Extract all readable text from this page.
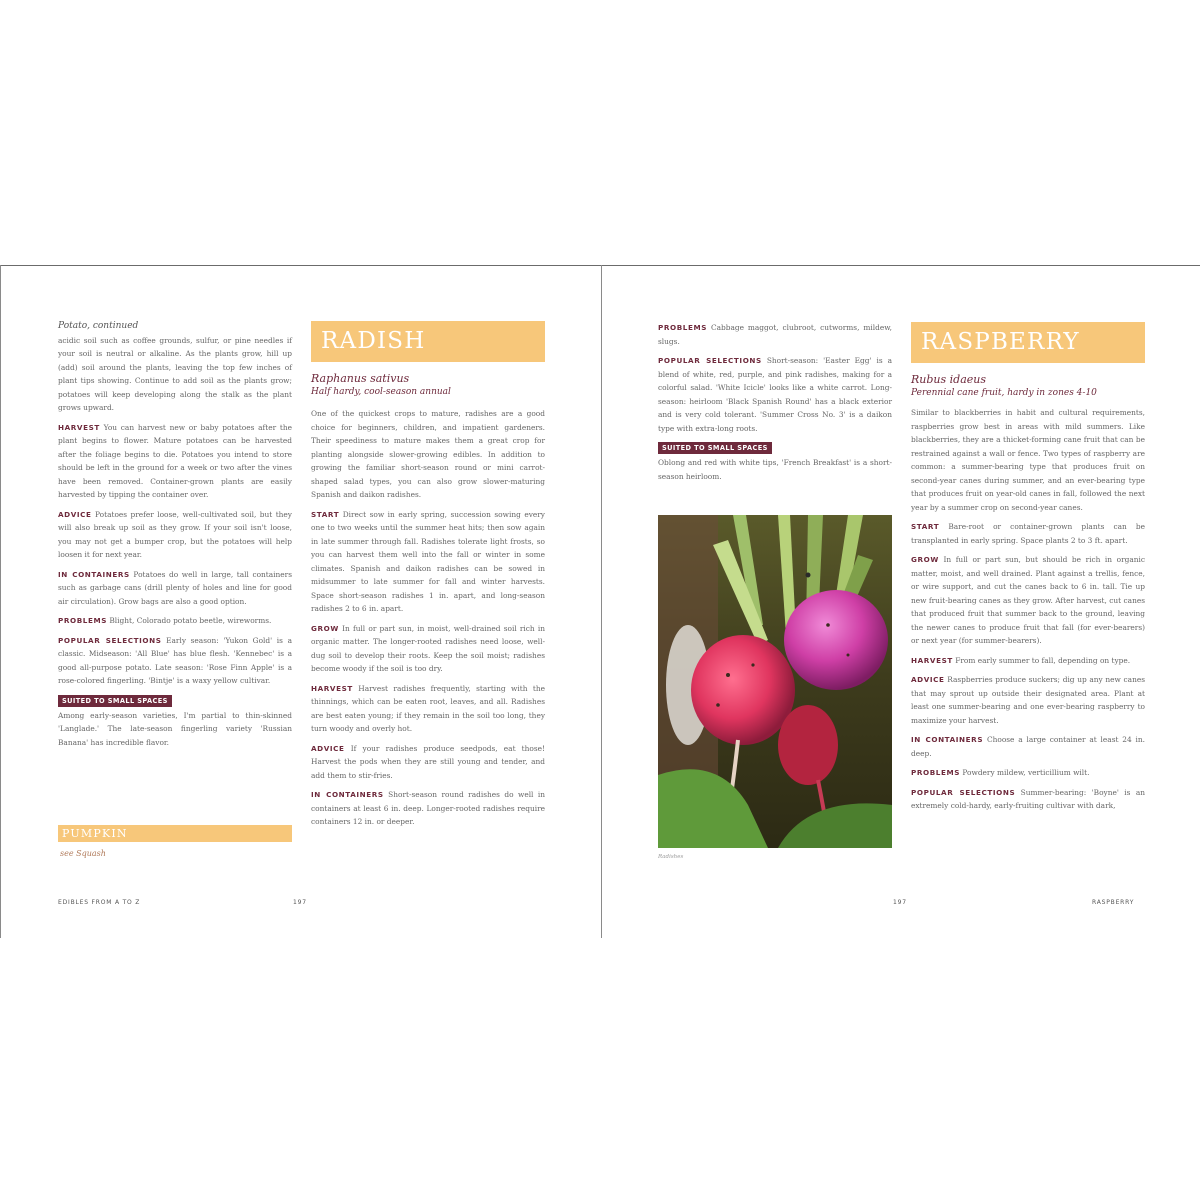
Potato, continued

acidic soil such as coffee grounds, sulfur, or pine needles if your soil is neutral or alkaline. As the plants grow, hill up (add) soil around the plants, leaving the top few inches of plant tips showing. Continue to add soil as the plants grow; potatoes will keep developing along the stalk as the plant grows upward.

HARVEST You can harvest new or baby potatoes after the plant begins to flower. Mature potatoes can be harvested after the foliage begins to die. Potatoes you intend to store should be left in the ground for a week or two after the vines have been removed. Container-grown plants are easily harvested by tipping the container over.

ADVICE Potatoes prefer loose, well-cultivated soil, but they will also break up soil as they grow. If your soil isn't loose, you may not get a bumper crop, but the potatoes will help loosen it for next year.

IN CONTAINERS Potatoes do well in large, tall containers such as garbage cans (drill plenty of holes and line for good air circulation). Grow bags are also a good option.

PROBLEMS Blight, Colorado potato beetle, wireworms.

POPULAR SELECTIONS Early season: 'Yukon Gold' is a classic. Midseason: 'All Blue' has blue flesh. 'Kennebec' is a good all-purpose potato. Late season: 'Rose Finn Apple' is a rose-colored fingerling. 'Bintje' is a waxy yellow cultivar.

SUITED TO SMALL SPACES

Among early-season varieties, I'm partial to thin-skinned 'Langlade.' The late-season fingerling variety 'Russian Banana' has incredible flavor.

PUMPKIN
see Squash
RADISH
Raphanus sativus
Half hardy, cool-season annual

One of the quickest crops to mature, radishes are a good choice for beginners, children, and impatient gardeners. Their speediness to mature makes them a great crop for planting alongside slower-growing edibles. In addition to growing the familiar short-season round or mini carrot-shaped salad types, you can also grow slower-maturing Spanish and daikon radishes.

START Direct sow in early spring, succession sowing every one to two weeks until the summer heat hits; then sow again in late summer through fall. Radishes tolerate light frosts, so you can harvest them well into the fall or winter in some climates. Spanish and daikon radishes can be sowed in midsummer to late summer for fall and winter harvests. Space short-season radishes 1 in. apart, and long-season radishes 2 to 6 in. apart.

GROW In full or part sun, in moist, well-drained soil rich in organic matter. The longer-rooted radishes need loose, well-dug soil to develop their roots. Keep the soil moist; radishes become woody if the soil is too dry.

HARVEST Harvest radishes frequently, starting with the thinnings, which can be eaten root, leaves, and all. Radishes are best eaten young; if they remain in the soil too long, they turn woody and overly hot.

ADVICE If your radishes produce seedpods, eat those! Harvest the pods when they are still young and tender, and add them to stir-fries.

IN CONTAINERS Short-season round radishes do well in containers at least 6 in. deep. Longer-rooted radishes require containers 12 in. or deeper.

EDIBLES FROM A TO Z	197

PROBLEMS Cabbage maggot, clubroot, cutworms, mildew, slugs.

POPULAR SELECTIONS Short-season: 'Easter Egg' is a blend of white, red, purple, and pink radishes, making for a colorful salad. 'White Icicle' looks like a white carrot. Long-season: heirloom 'Black Spanish Round' has a black exterior and is very cold tolerant. 'Summer Cross No. 3' is a daikon type with extra-long roots.

SUITED TO SMALL SPACES

Oblong and red with white tips, 'French Breakfast' is a short-season heirloom.

Radishes
RASPBERRY
Rubus idaeus
Perennial cane fruit, hardy in zones 4-10

Similar to blackberries in habit and cultural requirements, raspberries grow best in areas with mild summers. Like blackberries, they are a thicket-forming cane fruit that can be restrained against a wall or fence. Two types of raspberry are common: a summer-bearing type that produces fruit on second-year canes during summer, and an ever-bearing type that produces fruit on year-old canes in fall, followed the next year by a summer crop on second-year canes.

START Bare-root or container-grown plants can be transplanted in early spring. Space plants 2 to 3 ft. apart.

GROW In full or part sun, but should be rich in organic matter, moist, and well drained. Plant against a trellis, fence, or wire support, and cut the canes back to 6 in. tall. Tie up new fruit-bearing canes as they grow. After harvest, cut canes that produced fruit that summer back to the ground, leaving the newer canes to produce fruit that fall (for ever-bearers) or next year (for summer-bearers).

HARVEST From early summer to fall, depending on type.

ADVICE Raspberries produce suckers; dig up any new canes that may sprout up outside their designated area. Plant at least one summer-bearing and one ever-bearing raspberry to maximize your harvest.

IN CONTAINERS Choose a large container at least 24 in. deep.

PROBLEMS Powdery mildew, verticillium wilt.

POPULAR SELECTIONS Summer-bearing: 'Boyne' is an extremely cold-hardy, early-fruiting cultivar with dark,

197	RASPBERRY
